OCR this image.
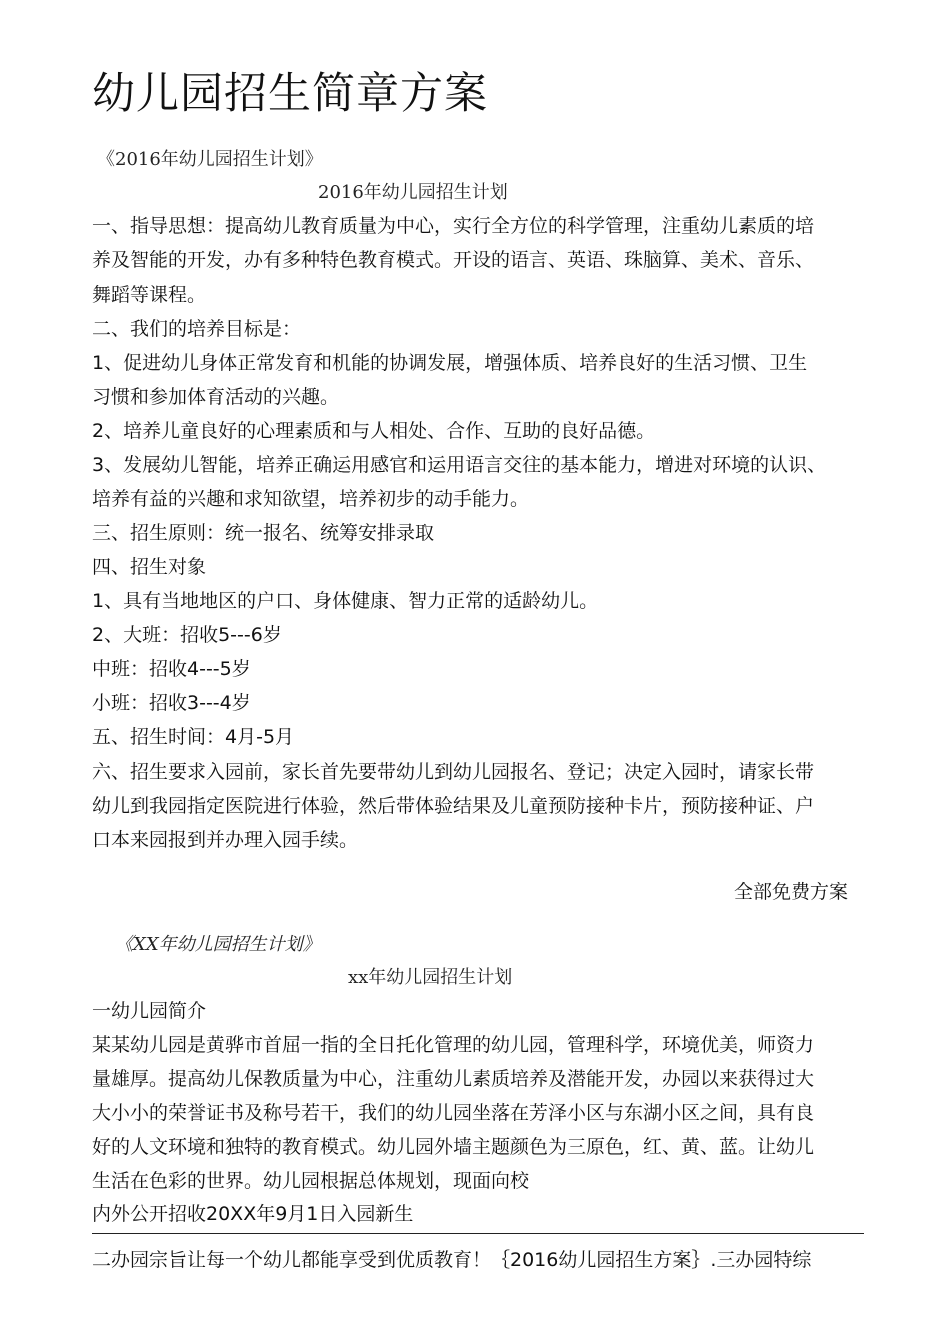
幼儿园招生简章方案
《2016年幼儿园招生计划》
2016年幼儿园招生计划
一、指导思想：提高幼儿教育质量为中心，实行全方位的科学管理，注重幼儿素质的培
养及智能的开发，办有多种特色教育模式。开设的语言、英语、珠脑算、美术、音乐、
舞蹈等课程。
二、我们的培养目标是：
1、促进幼儿身体正常发育和机能的协调发展，增强体质、培养良好的生活习惯、卫生
习惯和参加体育活动的兴趣。
2、培养儿童良好的心理素质和与人相处、合作、互助的良好品德。
3、发展幼儿智能，培养正确运用感官和运用语言交往的基本能力，增进对环境的认识、
培养有益的兴趣和求知欲望，培养初步的动手能力。
三、招生原则：统一报名、统筹安排录取
四、招生对象
1、具有当地地区的户口、身体健康、智力正常的适龄幼儿。
2、大班：招收5---6岁
中班：招收4---5岁
小班：招收3---4岁
五、招生时间：4月-5月
六、招生要求入园前，家长首先要带幼儿到幼儿园报名、登记；决定入园时，请家长带
幼儿到我园指定医院进行体验，然后带体验结果及儿童预防接种卡片，预防接种证、户
口本来园报到并办理入园手续。
全部免费方案
《XX年幼儿园招生计划》
xx年幼儿园招生计划
一幼儿园简介
某某幼儿园是黄骅市首屈一指的全日托化管理的幼儿园，管理科学，环境优美，师资力
量雄厚。提高幼儿保教质量为中心，注重幼儿素质培养及潜能开发，办园以来获得过大
大小小的荣誉证书及称号若干，我们的幼儿园坐落在芳泽小区与东湖小区之间，具有良
好的人文环境和独特的教育模式。幼儿园外墙主题颜色为三原色，红、黄、蓝。让幼儿
生活在色彩的世界。幼儿园根据总体规划，现面向校
内外公开招收20XX年9月1日入园新生
二办园宗旨让每一个幼儿都能享受到优质教育！｛2016幼儿园招生方案｝.三办园特综
